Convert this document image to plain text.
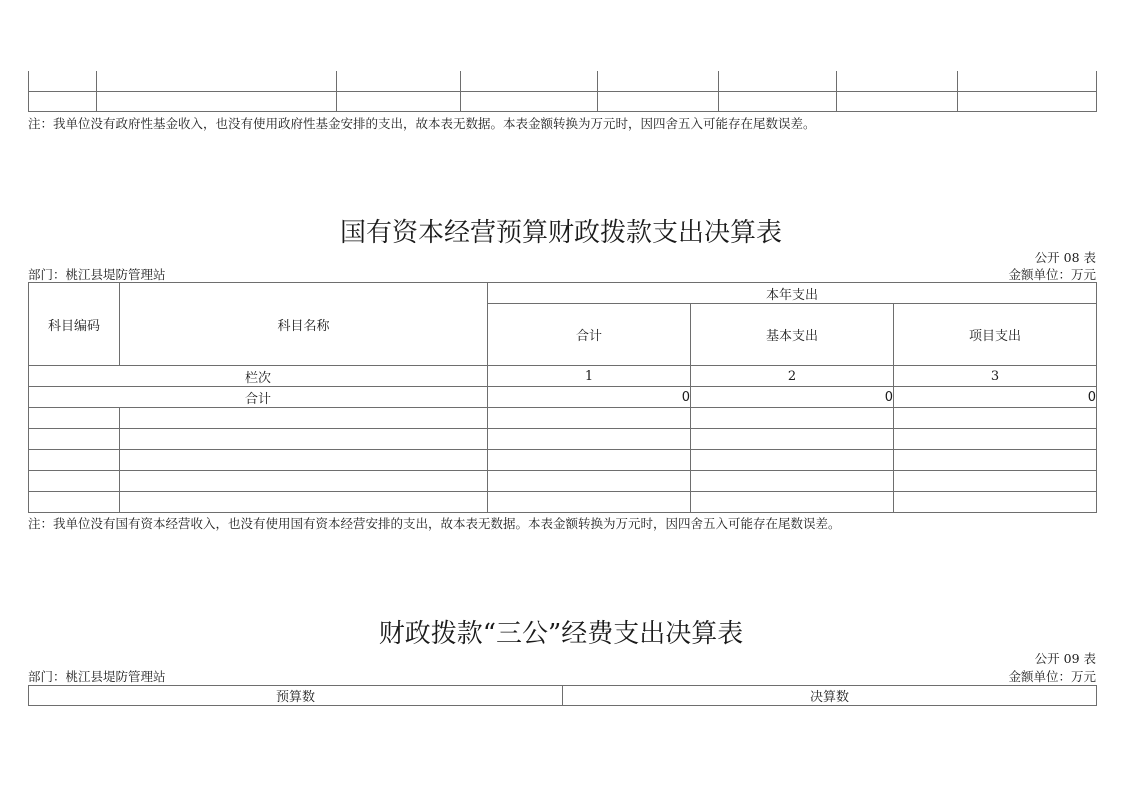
注：我单位没有政府性基金收入，也没有使用政府性基金安排的支出，故本表无数据。本表金额转换为万元时，因四舍五入可能存在尾数误差。
国有资本经营预算财政拨款支出决算表
公开 08 表
部门：桃江县堤防管理站	金额单位：万元
科目编码	科目名称	本年支出		
		合计	基本支出	项目支出
栏次		1	2	3
合计		0	0	0

注：我单位没有国有资本经营收入，也没有使用国有资本经营安排的支出，故本表无数据。本表金额转换为万元时，因四舍五入可能存在尾数误差。
财政拨款“三公”经费支出决算表
公开 09 表
部门：桃江县堤防管理站	金额单位：万元
预算数	决算数
